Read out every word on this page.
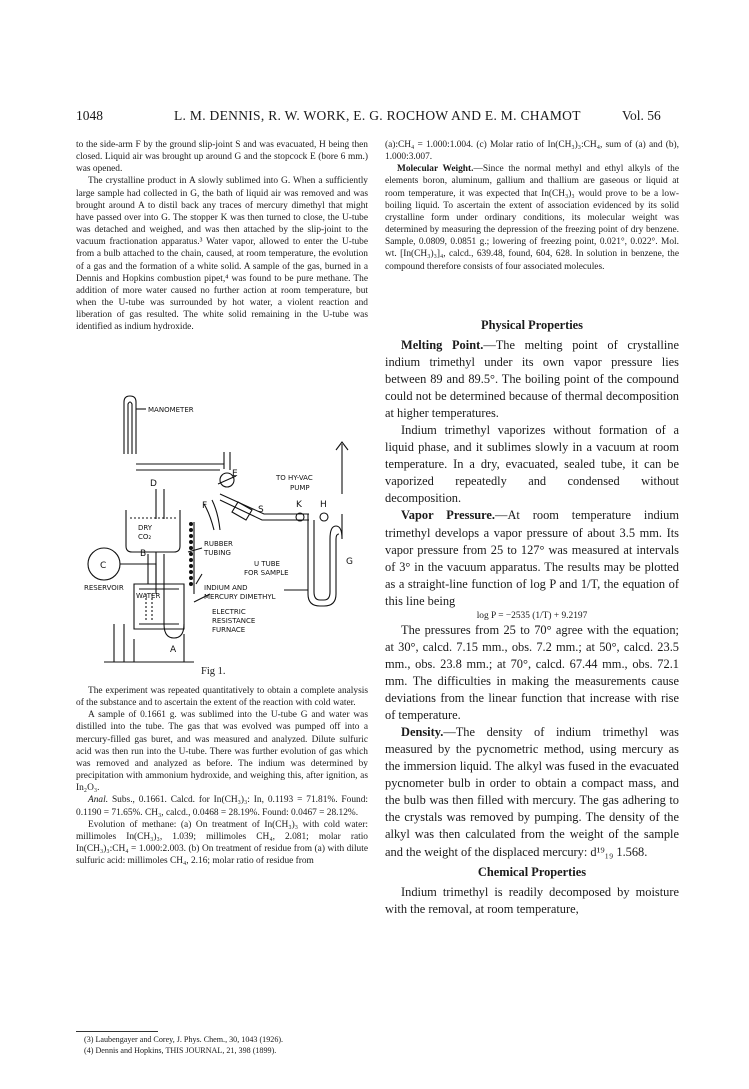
1048	L. M. DENNIS, R. W. WORK, E. G. ROCHOW AND E. M. CHAMOT	Vol. 56

to the side-arm F by the ground slip-joint S and was evacuated, H being then closed. Liquid air was brought up around G and the stopcock E (bore 6 mm.) was opened.

The crystalline product in A slowly sublimed into G. When a sufficiently large sample had collected in G, the bath of liquid air was removed and was brought around A to distil back any traces of mercury dimethyl that might have passed over into G. The stopper K was then turned to close, the U-tube was detached and weighed, and was then attached by the slip-joint to the vacuum fractionation apparatus.³ Water vapor, allowed to enter the U-tube from a bulb attached to the chain, caused, at room temperature, the evolution of a gas and the formation of a white solid. A sample of the gas, burned in a Dennis and Hopkins combustion pipet,⁴ was found to be pure methane. The addition of more water caused no further action at room temperature, but when the U-tube was surrounded by hot water, a violent reaction and liberation of gas resulted. The white solid remaining in the U-tube was identified as indium hydroxide.

MANOMETER
D
E	TO HY-VAC
PUMP
F	S	K H
DRY
CO₂
C
B
RUBBER
TUBING
G
RESERVOIR
U TUBE
FOR SAMPLE
WATER
INDIUM AND
MERCURY DIMETHYL
ELECTRIC
RESISTANCE
FURNACE
A
Fig 1.

The experiment was repeated quantitatively to obtain a complete analysis of the substance and to ascertain the extent of the reaction with cold water.

A sample of 0.1661 g. was sublimed into the U-tube G and water was distilled into the tube. The gas that was evolved was pumped off into a mercury-filled gas buret, and was measured and analyzed. Dilute sulfuric acid was then run into the U-tube. There was further evolution of gas which was removed and analyzed as before. The indium was determined by precipitation with ammonium hydroxide, and weighing this, after ignition, as In₂O₃.

Anal. Subs., 0.1661. Calcd. for In(CH₃)₃: In, 0.1193 = 71.81%. Found: 0.1190 = 71.65%. CH₃, calcd., 0.0468 = 28.19%. Found: 0.0467 = 28.12%.

Evolution of methane: (a) On treatment of In(CH₃)₃ with cold water: millimoles In(CH₃)₃, 1.039; millimoles CH₄, 2.081; molar ratio In(CH₃)₃:CH₄ = 1.000:2.003. (b) On treatment of residue from (a) with dilute sulfuric acid: millimoles CH₄, 2.16; molar ratio of residue from

(3) Laubengayer and Corey, J. Phys. Chem., 30, 1043 (1926).
(4) Dennis and Hopkins, THIS JOURNAL, 21, 398 (1899).

(a):CH₄ = 1.000:1.004. (c) Molar ratio of In(CH₃)₃:CH₄, sum of (a) and (b), 1.000:3.007.

Molecular Weight.—Since the normal methyl and ethyl alkyls of the elements boron, aluminum, gallium and thallium are gaseous or liquid at room temperature, it was expected that In(CH₃)₃ would prove to be a low-boiling liquid. To ascertain the extent of association evidenced by its solid crystalline form under ordinary conditions, its molecular weight was determined by measuring the depression of the freezing point of dry benzene. Sample, 0.0809, 0.0851 g.; lowering of freezing point, 0.021°, 0.022°. Mol. wt. [In(CH₃)₃]₄, calcd., 639.48, found, 604, 628. In solution in benzene, the compound therefore consists of four associated molecules.

Physical Properties

Melting Point.—The melting point of crystalline indium trimethyl under its own vapor pressure lies between 89 and 89.5°. The boiling point of the compound could not be determined because of thermal decomposition at higher temperatures.

Indium trimethyl vaporizes without formation of a liquid phase, and it sublimes slowly in a vacuum at room temperature. In a dry, evacuated, sealed tube, it can be vaporized repeatedly and condensed without decomposition.

Vapor Pressure.—At room temperature indium trimethyl develops a vapor pressure of about 3.5 mm. Its vapor pressure from 25 to 127° was measured at intervals of 3° in the vacuum apparatus. The results may be plotted as a straight-line function of log P and 1/T, the equation of this line being

log P = −2535 (1/T) + 9.2197

The pressures from 25 to 70° agree with the equation; at 30°, calcd. 7.15 mm., obs. 7.2 mm.; at 50°, calcd. 23.5 mm., obs. 23.8 mm.; at 70°, calcd. 67.44 mm., obs. 72.1 mm. The difficulties in making the measurements cause deviations from the linear function that increase with rise of temperature.

Density.—The density of indium trimethyl was measured by the pycnometric method, using mercury as the immersion liquid. The alkyl was fused in the evacuated pycnometer bulb in order to obtain a compact mass, and the bulb was then filled with mercury. The gas adhering to the crystals was removed by pumping. The density of the alkyl was then calculated from the weight of the sample and the weight of the displaced mercury: d¹⁹₁₉ 1.568.

Chemical Properties

Indium trimethyl is readily decomposed by moisture with the removal, at room temperature,
